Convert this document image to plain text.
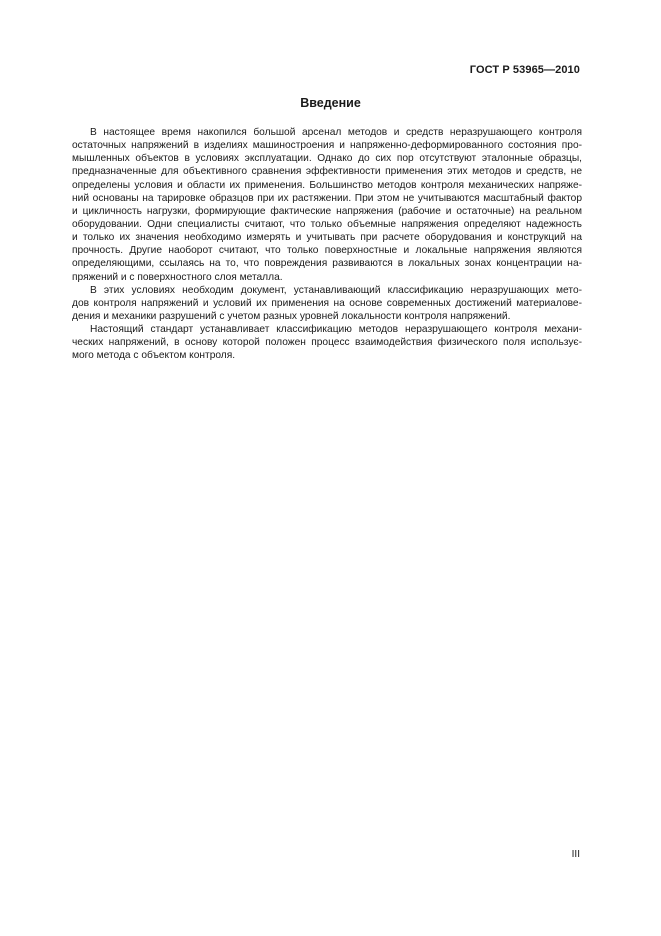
ГОСТ Р 53965—2010
Введение
В настоящее время накопился большой арсенал методов и средств неразрушающего контроля
остаточных напряжений в изделиях машиностроения и напряженно-деформированного состояния про-
мышленных объектов в условиях эксплуатации. Однако до сих пор отсутствуют эталонные образцы,
предназначенные для объективного сравнения эффективности применения этих методов и средств, не
определены условия и области их применения. Большинство методов контроля механических напряже-
ний основаны на тарировке образцов при их растяжении. При этом не учитываются масштабный фактор
и цикличность нагрузки, формирующие фактические напряжения (рабочие и остаточные) на реальном
оборудовании. Одни специалисты считают, что только объемные напряжения определяют надежность
и только их значения необходимо измерять и учитывать при расчете оборудования и конструкций на
прочность. Другие наоборот считают, что только поверхностные и локальные напряжения являются
определяющими, ссылаясь на то, что повреждения развиваются в локальных зонах концентрации на-
пряжений и с поверхностного слоя металла.
В этих условиях необходим документ, устанавливающий классификацию неразрушающих мето-
дов контроля напряжений и условий их применения на основе современных достижений материалове-
дения и механики разрушений с учетом разных уровней локальности контроля напряжений.
Настоящий стандарт устанавливает классификацию методов неразрушающего контроля механи-
ческих напряжений, в основу которой положен процесс взаимодействия физического поля использує-
мого метода с объектом контроля.
III
